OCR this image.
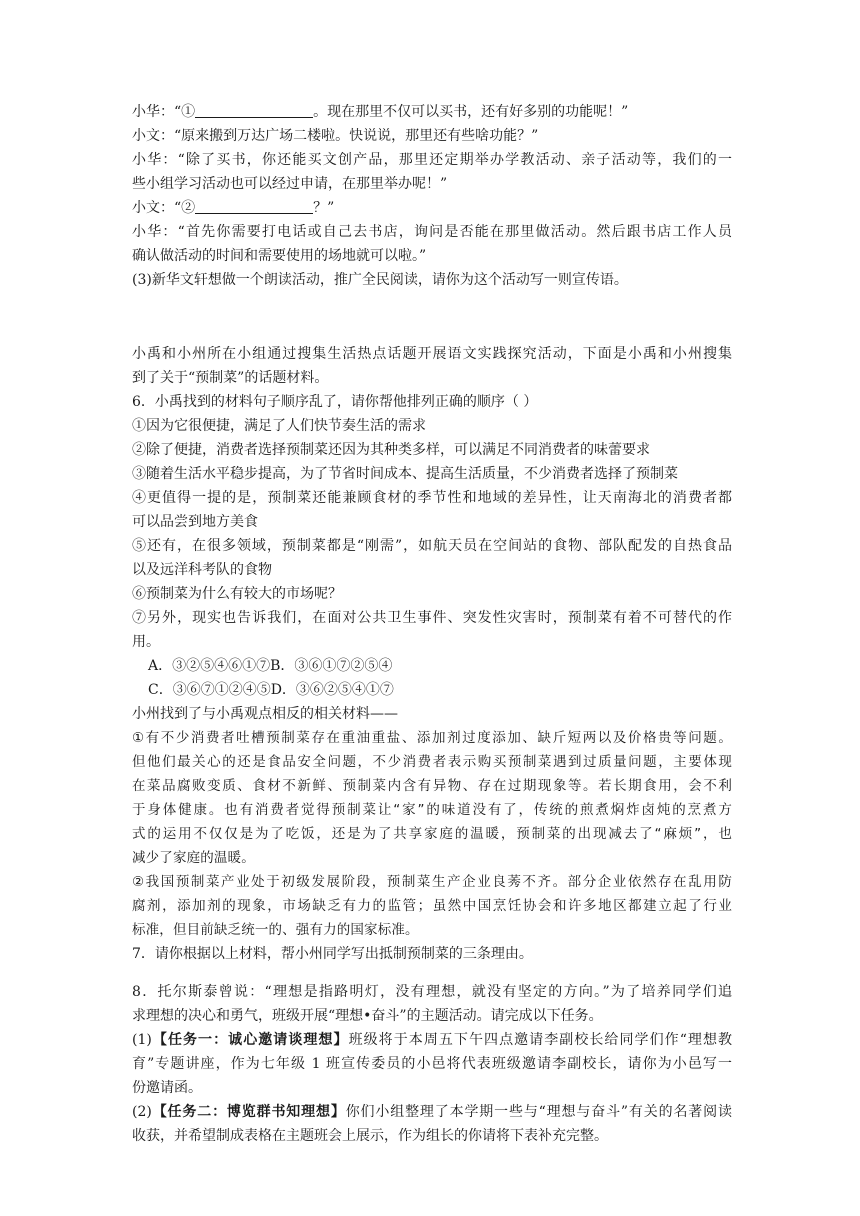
小华：“①	。现在那里不仅可以买书，还有好多别的功能呢！”
小文：“原来搬到万达广场二楼啦。快说说，那里还有些啥功能？”
小华：“除了买书，你还能买文创产品，那里还定期举办学教活动、亲子活动等，我们的一
些小组学习活动也可以经过申请，在那里举办呢！”
小文：“②	？”
小华：“首先你需要打电话或自己去书店，询问是否能在那里做活动。然后跟书店工作人员
确认做活动的时间和需要使用的场地就可以啦。”
(3)新华文轩想做一个朗读活动，推广全民阅读，请你为这个活动写一则宣传语。
小禹和小州所在小组通过搜集生活热点话题开展语文实践探究活动，下面是小禹和小州搜集
到了关于“预制菜”的话题材料。
6．小禹找到的材料句子顺序乱了，请你帮他排列正确的顺序（ ）
①因为它很便捷，满足了人们快节奏生活的需求
②除了便捷，消费者选择预制菜还因为其种类多样，可以满足不同消费者的味蕾要求
③随着生活水平稳步提高，为了节省时间成本、提高生活质量，不少消费者选择了预制菜
④更值得一提的是，预制菜还能兼顾食材的季节性和地域的差异性，让天南海北的消费者都
可以品尝到地方美食
⑤还有，在很多领域，预制菜都是“刚需”，如航天员在空间站的食物、部队配发的自热食品
以及远洋科考队的食物
⑥预制菜为什么有较大的市场呢？
⑦另外，现实也告诉我们，在面对公共卫生事件、突发性灾害时，预制菜有着不可替代的作
用。
A．③②⑤④⑥①⑦B．③⑥①⑦②⑤④
C．③⑥⑦①②④⑤D．③⑥②⑤④①⑦
小州找到了与小禹观点相反的相关材料——
①有不少消费者吐槽预制菜存在重油重盐、添加剂过度添加、缺斤短两以及价格贵等问题。
但他们最关心的还是食品安全问题，不少消费者表示购买预制菜遇到过质量问题，主要体现
在菜品腐败变质、食材不新鲜、预制菜内含有异物、存在过期现象等。若长期食用，会不利
于身体健康。也有消费者觉得预制菜让“家”的味道没有了，传统的煎煮焖炸卤炖的烹煮方
式的运用不仅仅是为了吃饭，还是为了共享家庭的温暖，预制菜的出现减去了“麻烦”，也
减少了家庭的温暖。
②我国预制菜产业处于初级发展阶段，预制菜生产企业良莠不齐。部分企业依然存在乱用防
腐剂，添加剂的现象，市场缺乏有力的监管；虽然中国烹饪协会和许多地区都建立起了行业
标准，但目前缺乏统一的、强有力的国家标准。
7．请你根据以上材料，帮小州同学写出抵制预制菜的三条理由。
8．托尔斯泰曾说：“理想是指路明灯，没有理想，就没有坚定的方向。”为了培养同学们追
求理想的决心和勇气，班级开展“理想•奋斗”的主题活动。请完成以下任务。
(1)【任务一：诚心邀请谈理想】班级将于本周五下午四点邀请李副校长给同学们作“理想教
育”专题讲座，作为七年级 1 班宣传委员的小邑将代表班级邀请李副校长，请你为小邑写一
份邀请函。
(2)【任务二：博览群书知理想】你们小组整理了本学期一些与“理想与奋斗”有关的名著阅读
收获，并希望制成表格在主题班会上展示，作为组长的你请将下表补充完整。
